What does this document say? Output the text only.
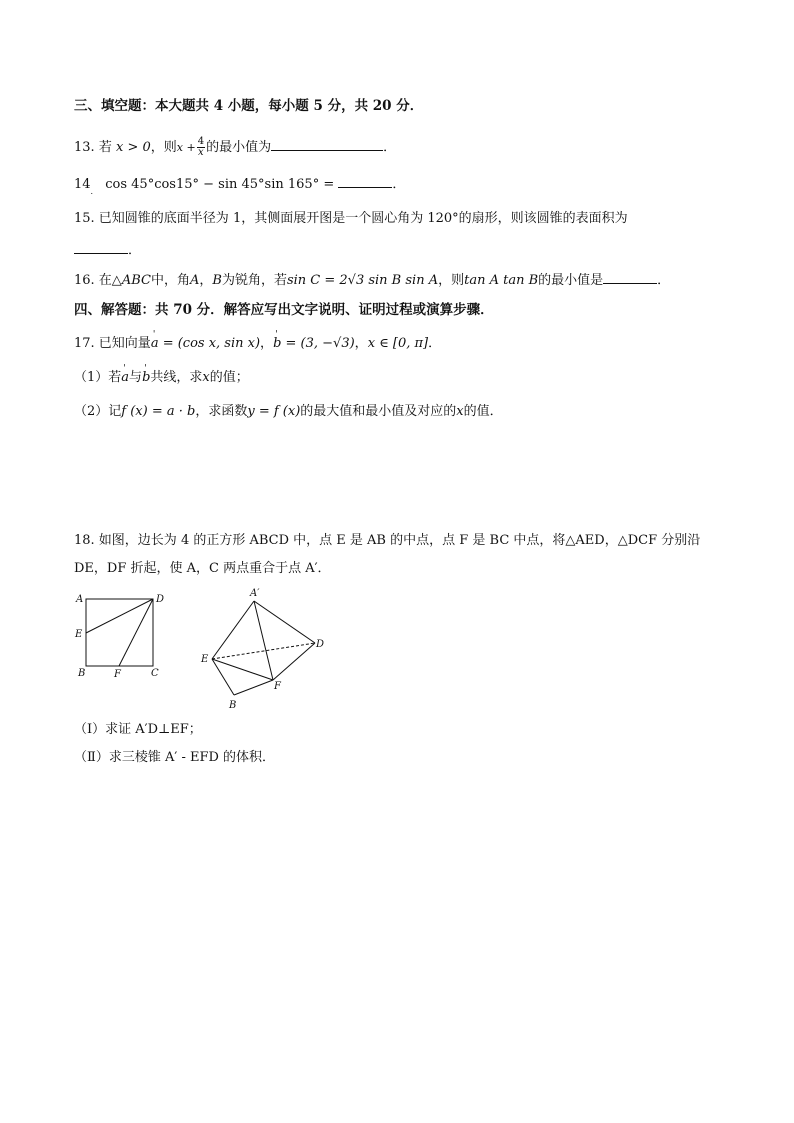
三、填空题：本大题共 4 小题，每小题 5 分，共 20 分．
13. 若 x > 0，则$x + \frac{4}{x}$ 的最小值为	．
$14_.$ cos 45°cos15° − sin 45°sin 165° =	．
15. 已知圆锥的底面半径为 1，其侧面展开图是一个圆心角为 120°的扇形，则该圆锥的表面积为
．
16. 在△ABC中，角A，B为锐角，若sin C = 2√3 sin B sin A，则tan A tan B的最小值是	．
四、解答题：共 70 分．解答应写出文字说明、证明过程或演算步骤．
17. 已知向量' a = (cos x, sin x)，' b = (3, −√3)，x ∈ [0, π]．
（1）若' a与' b共线，求x的值；
（2）记f (x) = a · b，求函数y = f (x)的最大值和最小值及对应的x的值．
18. 如图，边长为 4 的正方形 ABCD 中，点 E 是 AB 的中点，点 F 是 BC 中点，将△AED，△DCF 分别沿
DE，DF 折起，使 A，C 两点重合于点 A′．
A	D
E
B	F	C
A′
D
E
F
B
（Ⅰ）求证 A′D⊥EF；
（Ⅱ）求三棱锥 A′ - EFD 的体积．
